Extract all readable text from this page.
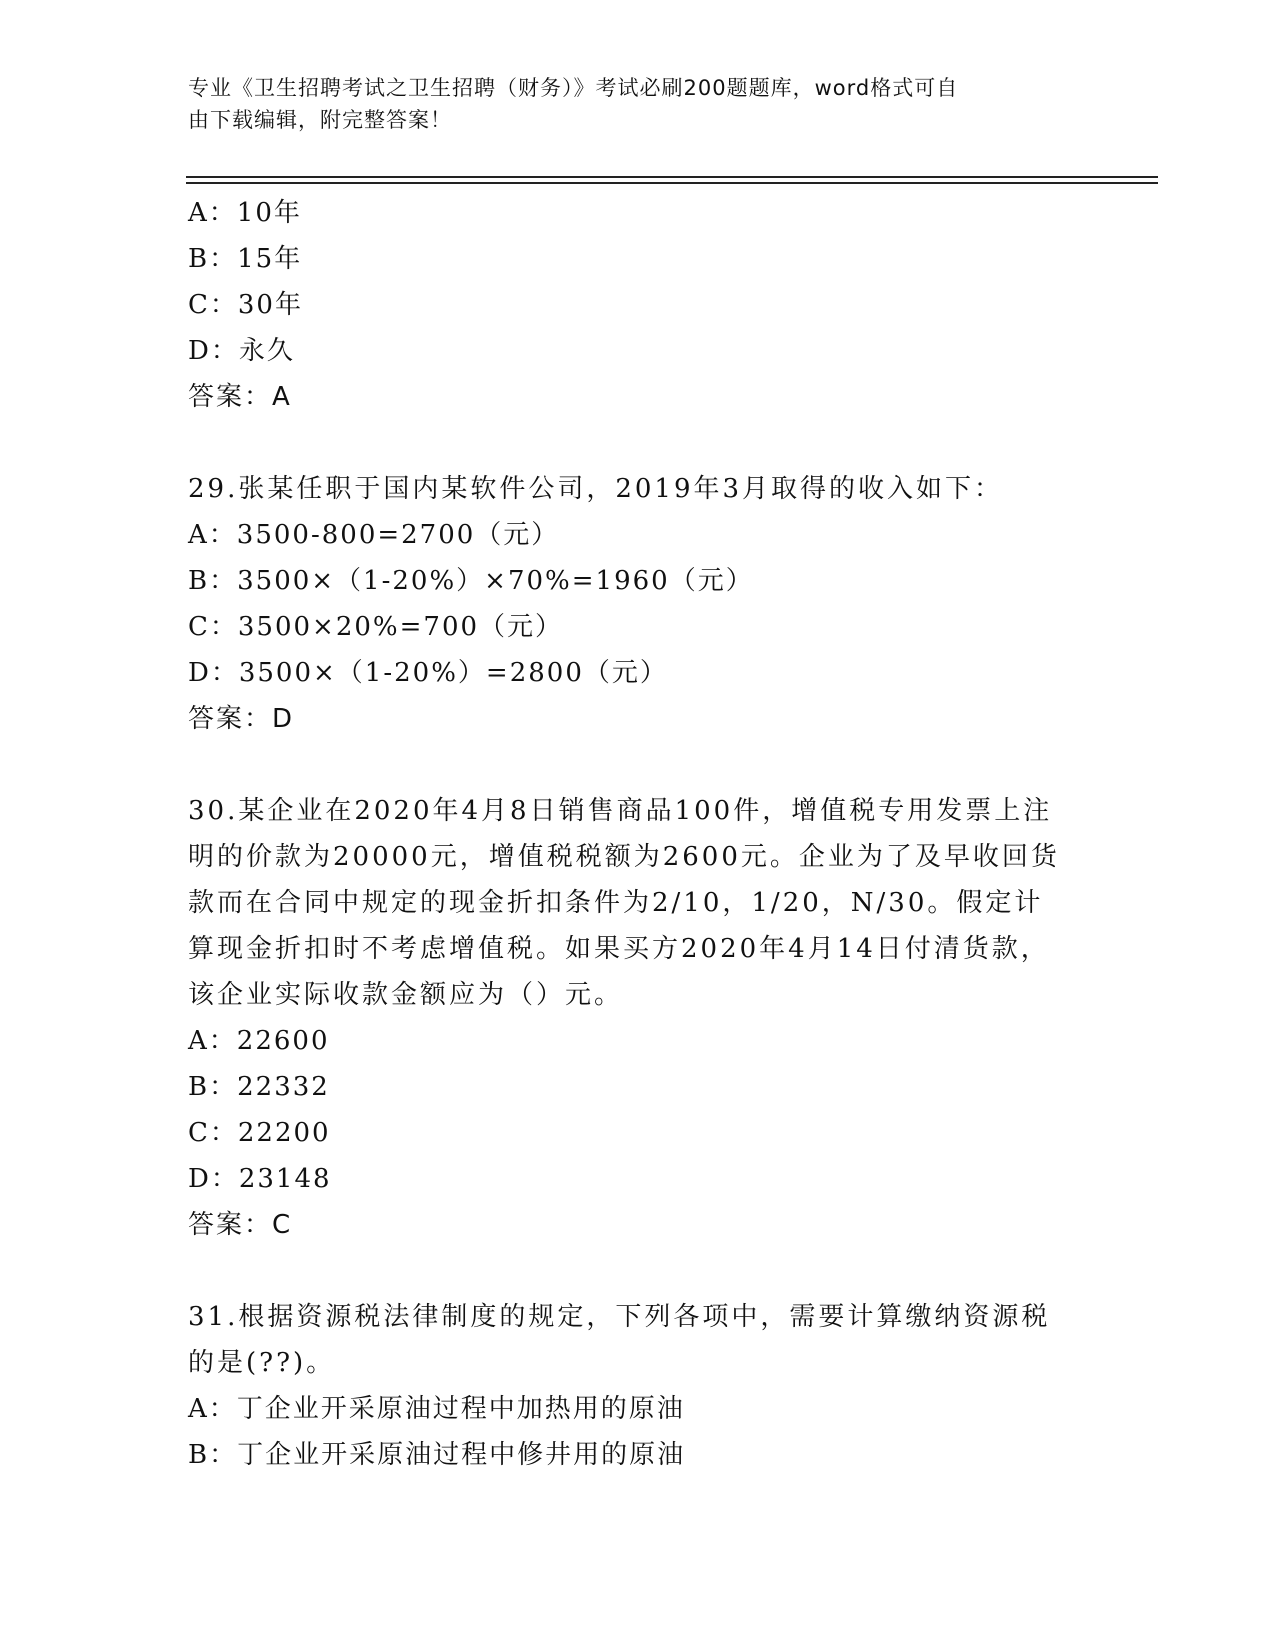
专业《卫生招聘考试之卫生招聘（财务）》考试必刷200题题库，word格式可自
由下载编辑，附完整答案！
A：10年
B：15年
C：30年
D：永久
答案：A
29.张某任职于国内某软件公司，2019年3月取得的收入如下：
A：3500-800=2700（元）
B：3500×（1-20%）×70%=1960（元）
C：3500×20%=700（元）
D：3500×（1-20%）=2800（元）
答案：D
30.某企业在2020年4月8日销售商品100件，增值税专用发票上注明的价款为20000元，增值税税额为2600元。企业为了及早收回货款而在合同中规定的现金折扣条件为2/10，1/20，N/30。假定计算现金折扣时不考虑增值税。如果买方2020年4月14日付清货款，该企业实际收款金额应为（）元。
A：22600
B：22332
C：22200
D：23148
答案：C
31.根据资源税法律制度的规定，下列各项中，需要计算缴纳资源税的是(??)。
A：丁企业开采原油过程中加热用的原油
B：丁企业开采原油过程中修井用的原油
